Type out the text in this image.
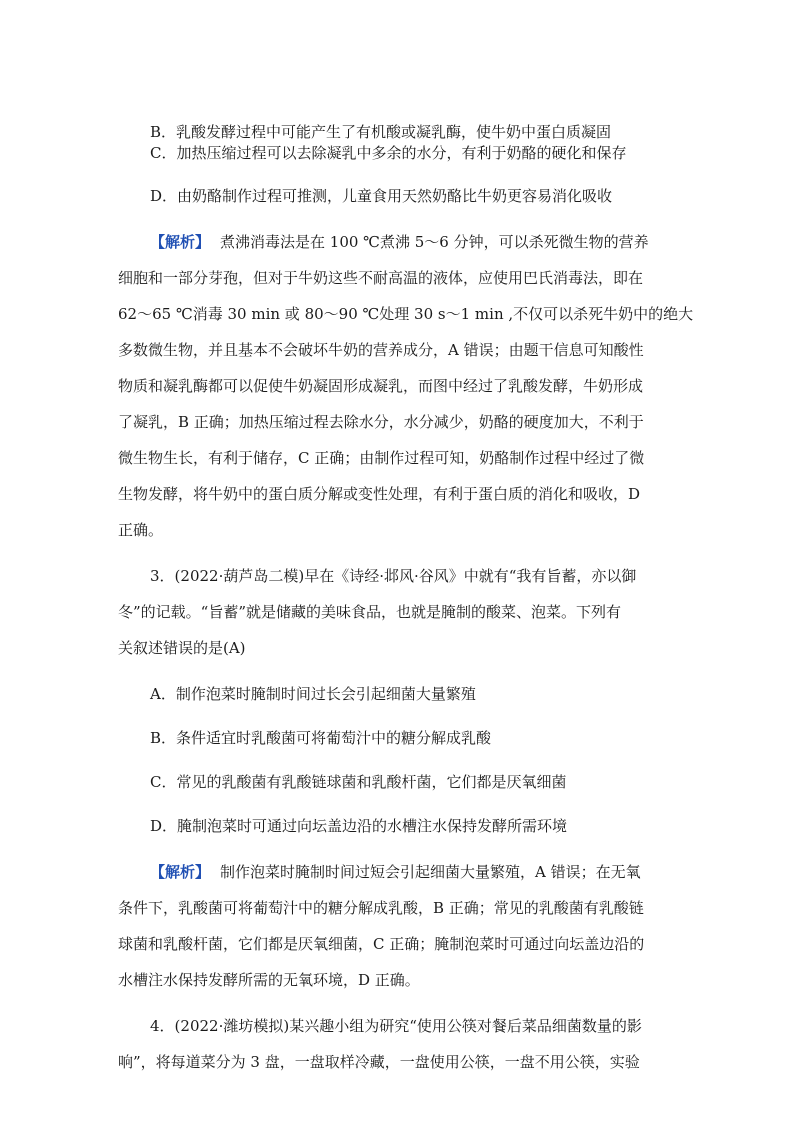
B．乳酸发酵过程中可能产生了有机酸或凝乳酶，使牛奶中蛋白质凝固
C．加热压缩过程可以去除凝乳中多余的水分，有利于奶酪的硬化和保存
D．由奶酪制作过程可推测，儿童食用天然奶酪比牛奶更容易消化吸收
【解析】 煮沸消毒法是在 100 ℃煮沸 5～6 分钟，可以杀死微生物的营养
细胞和一部分芽孢，但对于牛奶这些不耐高温的液体，应使用巴氏消毒法，即在
62～65 ℃消毒 30 min 或 80～90 ℃处理 30 s～1 min ,不仅可以杀死牛奶中的绝大
多数微生物，并且基本不会破坏牛奶的营养成分，A 错误；由题干信息可知酸性
物质和凝乳酶都可以促使牛奶凝固形成凝乳，而图中经过了乳酸发酵，牛奶形成
了凝乳，B 正确；加热压缩过程去除水分，水分减少，奶酪的硬度加大，不利于
微生物生长，有利于储存，C 正确；由制作过程可知，奶酪制作过程中经过了微
生物发酵，将牛奶中的蛋白质分解或变性处理，有利于蛋白质的消化和吸收，D
正确。
3．(2022·葫芦岛二模)早在《诗经·邶风·谷风》中就有“我有旨蓄，亦以御
冬”的记载。“旨蓄”就是储藏的美味食品，也就是腌制的酸菜、泡菜。下列有
关叙述错误的是(A)
A．制作泡菜时腌制时间过长会引起细菌大量繁殖
B．条件适宜时乳酸菌可将葡萄汁中的糖分解成乳酸
C．常见的乳酸菌有乳酸链球菌和乳酸杆菌，它们都是厌氧细菌
D．腌制泡菜时可通过向坛盖边沿的水槽注水保持发酵所需环境
【解析】 制作泡菜时腌制时间过短会引起细菌大量繁殖，A 错误；在无氧
条件下，乳酸菌可将葡萄汁中的糖分解成乳酸，B 正确；常见的乳酸菌有乳酸链
球菌和乳酸杆菌，它们都是厌氧细菌，C 正确；腌制泡菜时可通过向坛盖边沿的
水槽注水保持发酵所需的无氧环境，D 正确。
4．(2022·潍坊模拟)某兴趣小组为研究“使用公筷对餐后菜品细菌数量的影
响”，将每道菜分为 3 盘，一盘取样冷藏，一盘使用公筷，一盘不用公筷，实验
